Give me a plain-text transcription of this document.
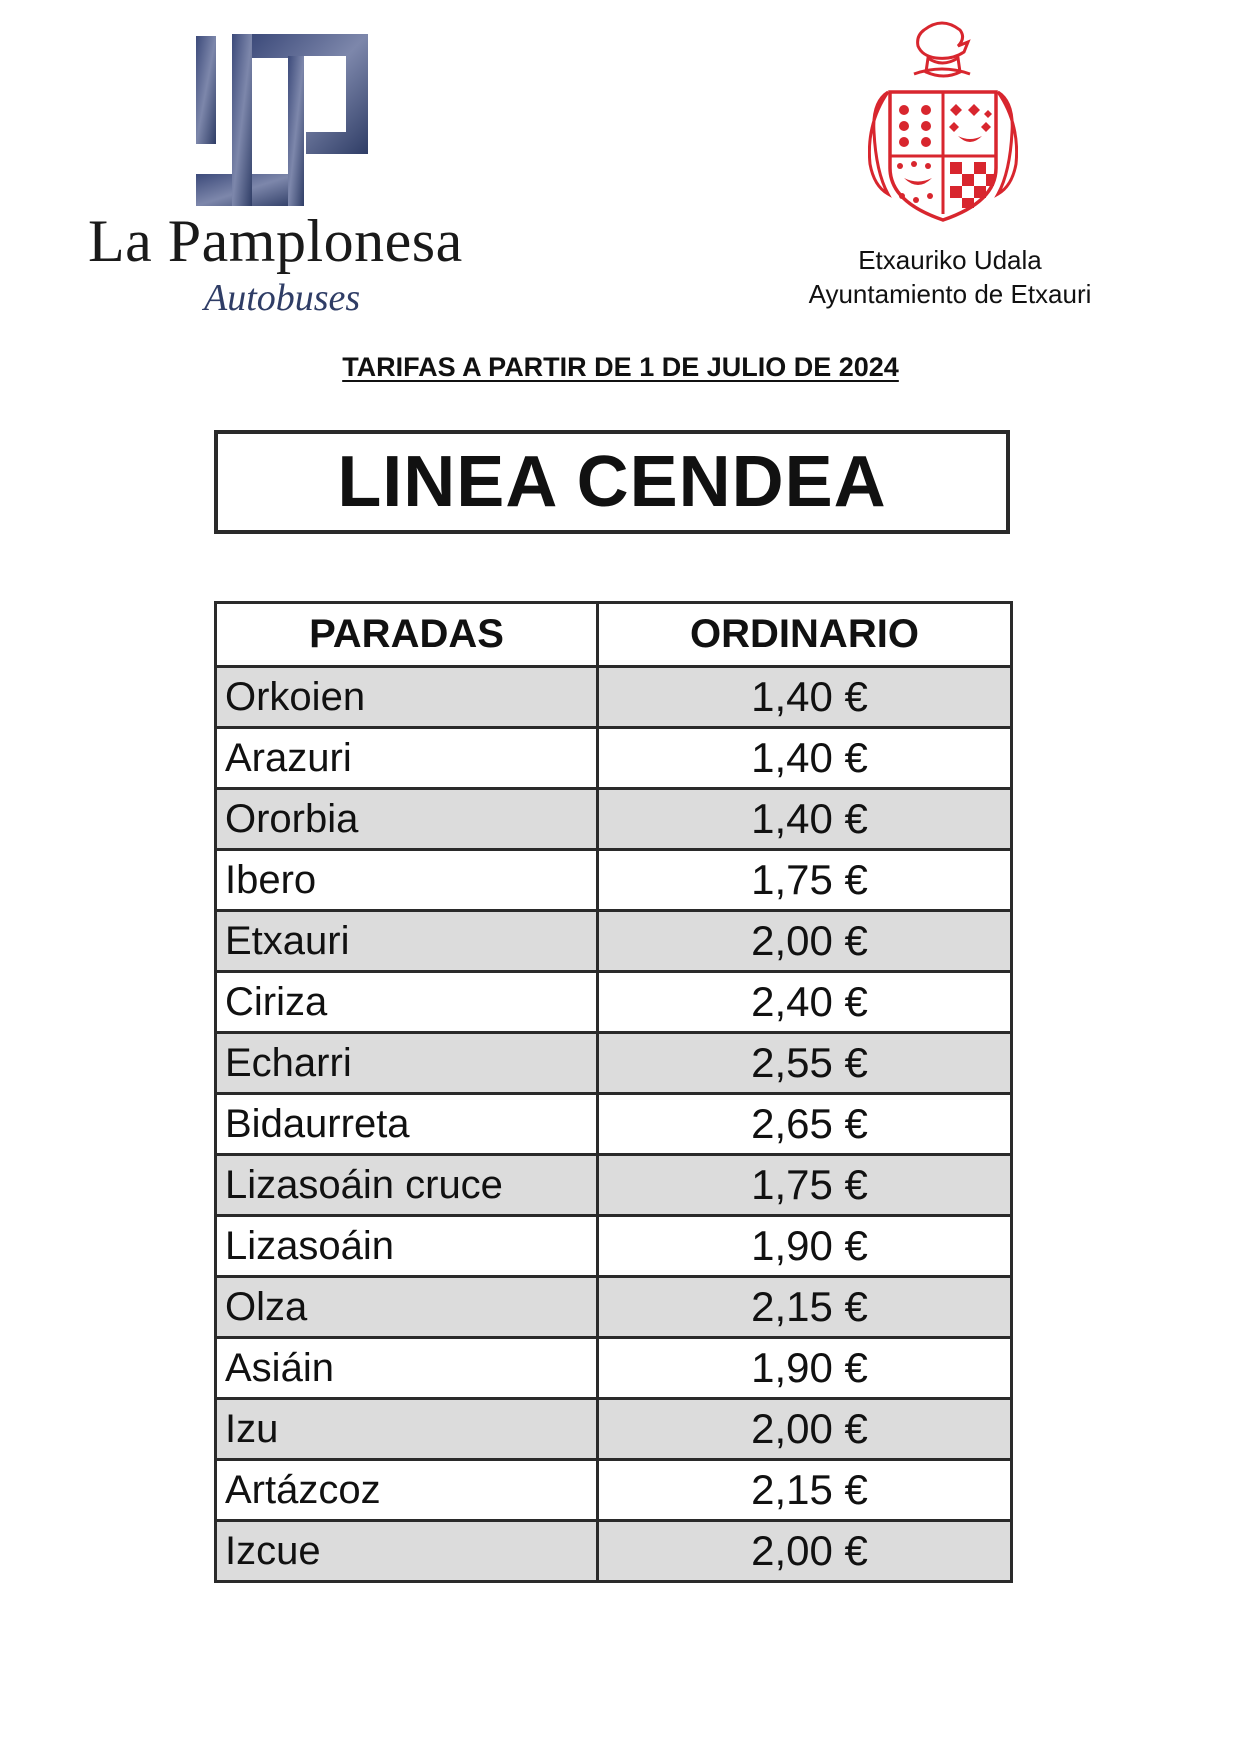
La Pamplonesa
Autobuses
Etxauriko Udala
Ayuntamiento de Etxauri
TARIFAS A PARTIR DE 1 DE JULIO DE 2024
LINEA CENDEA
PARADAS	ORDINARIO
Orkoien	1,40 €
Arazuri	1,40 €
Ororbia	1,40 €
Ibero	1,75 €
Etxauri	2,00 €
Ciriza	2,40 €
Echarri	2,55 €
Bidaurreta	2,65 €
Lizasoáin cruce	1,75 €
Lizasoáin	1,90 €
Olza	2,15 €
Asiáin	1,90 €
Izu	2,00 €
Artázcoz	2,15 €
Izcue	2,00 €
